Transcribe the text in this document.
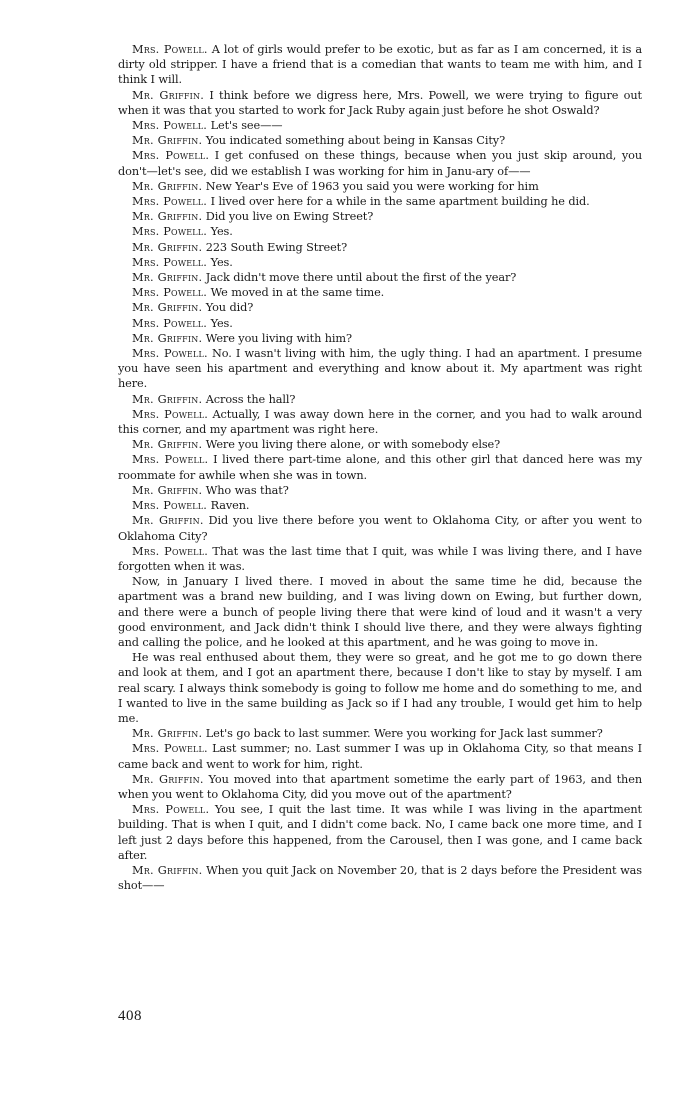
Mrs. Powell. A lot of girls would prefer to be exotic, but as far as I am concerned, it is a dirty old stripper. I have a friend that is a comedian that wants to team me with him, and I think I will.

Mr. Griffin. I think before we digress here, Mrs. Powell, we were trying to figure out when it was that you started to work for Jack Ruby again just before he shot Oswald?

Mrs. Powell. Let's see——

Mr. Griffin. You indicated something about being in Kansas City?

Mrs. Powell. I get confused on these things, because when you just skip around, you don't—let's see, did we establish I was working for him in Janu-ary of——

Mr. Griffin. New Year's Eve of 1963 you said you were working for him

Mrs. Powell. I lived over here for a while in the same apartment building he did.

Mr. Griffin. Did you live on Ewing Street?

Mrs. Powell. Yes.

Mr. Griffin. 223 South Ewing Street?

Mrs. Powell. Yes.

Mr. Griffin. Jack didn't move there until about the first of the year?

Mrs. Powell. We moved in at the same time.

Mr. Griffin. You did?

Mrs. Powell. Yes.

Mr. Griffin. Were you living with him?

Mrs. Powell. No. I wasn't living with him, the ugly thing. I had an apartment. I presume you have seen his apartment and everything and know about it. My apartment was right here.

Mr. Griffin. Across the hall?

Mrs. Powell. Actually, I was away down here in the corner, and you had to walk around this corner, and my apartment was right here.

Mr. Griffin. Were you living there alone, or with somebody else?

Mrs. Powell. I lived there part-time alone, and this other girl that danced here was my roommate for awhile when she was in town.

Mr. Griffin. Who was that?

Mrs. Powell. Raven.

Mr. Griffin. Did you live there before you went to Oklahoma City, or after you went to Oklahoma City?

Mrs. Powell. That was the last time that I quit, was while I was living there, and I have forgotten when it was.

Now, in January I lived there. I moved in about the same time he did, because the apartment was a brand new building, and I was living down on Ewing, but further down, and there were a bunch of people living there that were kind of loud and it wasn't a very good environment, and Jack didn't think I should live there, and they were always fighting and calling the police, and he looked at this apartment, and he was going to move in.

He was real enthused about them, they were so great, and he got me to go down there and look at them, and I got an apartment there, because I don't like to stay by myself. I am real scary. I always think somebody is going to follow me home and do something to me, and I wanted to live in the same building as Jack so if I had any trouble, I would get him to help me.

Mr. Griffin. Let's go back to last summer. Were you working for Jack last summer?

Mrs. Powell. Last summer; no. Last summer I was up in Oklahoma City, so that means I came back and went to work for him, right.

Mr. Griffin. You moved into that apartment sometime the early part of 1963, and then when you went to Oklahoma City, did you move out of the apartment?

Mrs. Powell. You see, I quit the last time. It was while I was living in the apartment building. That is when I quit, and I didn't come back. No, I came back one more time, and I left just 2 days before this happened, from the Carousel, then I was gone, and I came back after.

Mr. Griffin. When you quit Jack on November 20, that is 2 days before the President was shot——

408
